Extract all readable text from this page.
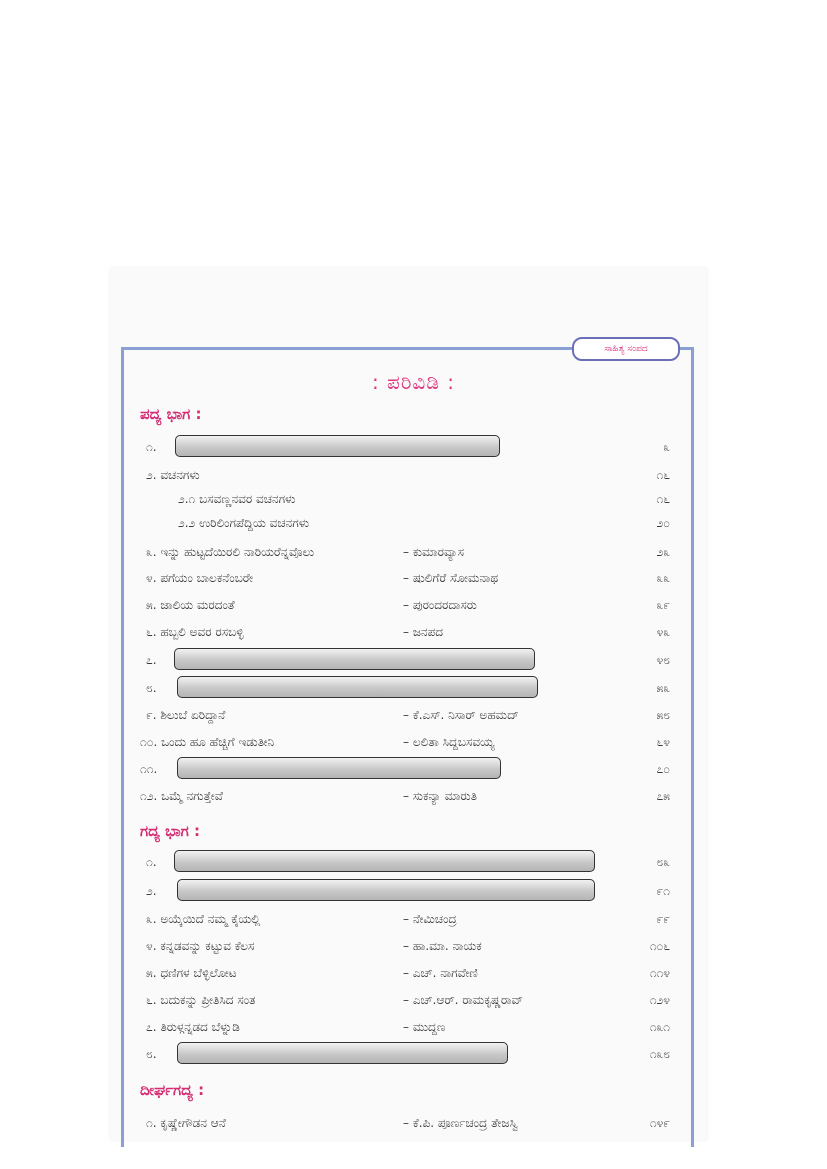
ಸಾಹಿತ್ಯ ಸಂಪದ
: ಪರಿವಿಡಿ :
ಪದ್ಯ ಭಾಗ :
೧.	೩
೨. ವಚನಗಳು	೧೬
೨.೧ ಬಸವಣ್ಣನವರ ವಚನಗಳು	೧೬
೨.೨ ಉರಿಲಿಂಗಪೆದ್ದಿಯ ವಚನಗಳು	೨೦
೩. ಇನ್ನು ಹುಟ್ಟದೆಯಿರಲಿ ನಾರಿಯರೆನ್ನವೊಲು	– ಕುಮಾರವ್ಯಾಸ	೨೩
೪. ಪಗೆಯಂ ಬಾಲಕನೆಂಬರೇ	– ಷುಲಿಗೆರೆ ಸೋಮನಾಥ	೩೩
೫. ಜಾಲಿಯ ಮರದಂತೆ	– ಪುರಂದರದಾಸರು	೩೯
೬. ಹಬ್ಬಲಿ ಅವರ ರಸಬಳ್ಳಿ	– ಜನಪದ	೪೩
೭.	೪೮
೮.	೫೩
೯. ಶಿಲುಬೆ ಏರಿದ್ದಾನೆ	– ಕೆ.ಎಸ್. ನಿಸಾರ್ ಅಹಮದ್	೫೮
೧೦. ಒಂದು ಹೂ ಹೆಚ್ಚಿಗೆ ಇಡುತೀನಿ	– ಲಲಿತಾ ಸಿದ್ದಬಸವಯ್ಯ	೬೪
೧೧.	೭೦
೧೨. ಒಮ್ಮೆ ನಗುತ್ತೇವೆ	– ಸುಕನ್ಯಾ ಮಾರುತಿ	೭೫
ಗದ್ಯ ಭಾಗ :
೧.	೮೩
೨.	೯೧
೩. ಅಯ್ಕೆಯಿದೆ ನಮ್ಮ ಕೈಯಲ್ಲಿ	– ನೇಮಿಚಂದ್ರ	೯೯
೪. ಕನ್ನಡವನ್ನು ಕಟ್ಟುವ ಕೆಲಸ	– ಹಾ.ಮಾ. ನಾಯಕ	೧೦೬
೫. ಧಣಿಗಳ ಬೆಳ್ಳಿಲೋಟ	– ಎಚ್. ನಾಗವೇಣಿ	೧೧೪
೬. ಬದುಕನ್ನು ಪ್ರೀತಿಸಿದ ಸಂತ	– ಎಚ್.ಆರ್. ರಾಮಕೃಷ್ಣರಾವ್	೧೨೪
೭. ತಿರುಳ್ಗನ್ನಡದ ಬೆಳ್ನುಡಿ	– ಮುದ್ದಣ	೧೩೧
೮.	೧೩೮
ದೀರ್ಘಗದ್ಯ :
೧. ಕೃಷ್ಣೇಗೌಡನ ಆನೆ	– ಕೆ.ಪಿ. ಪೂರ್ಣಚಂದ್ರ ತೇಜಸ್ವಿ	೧೪೯
